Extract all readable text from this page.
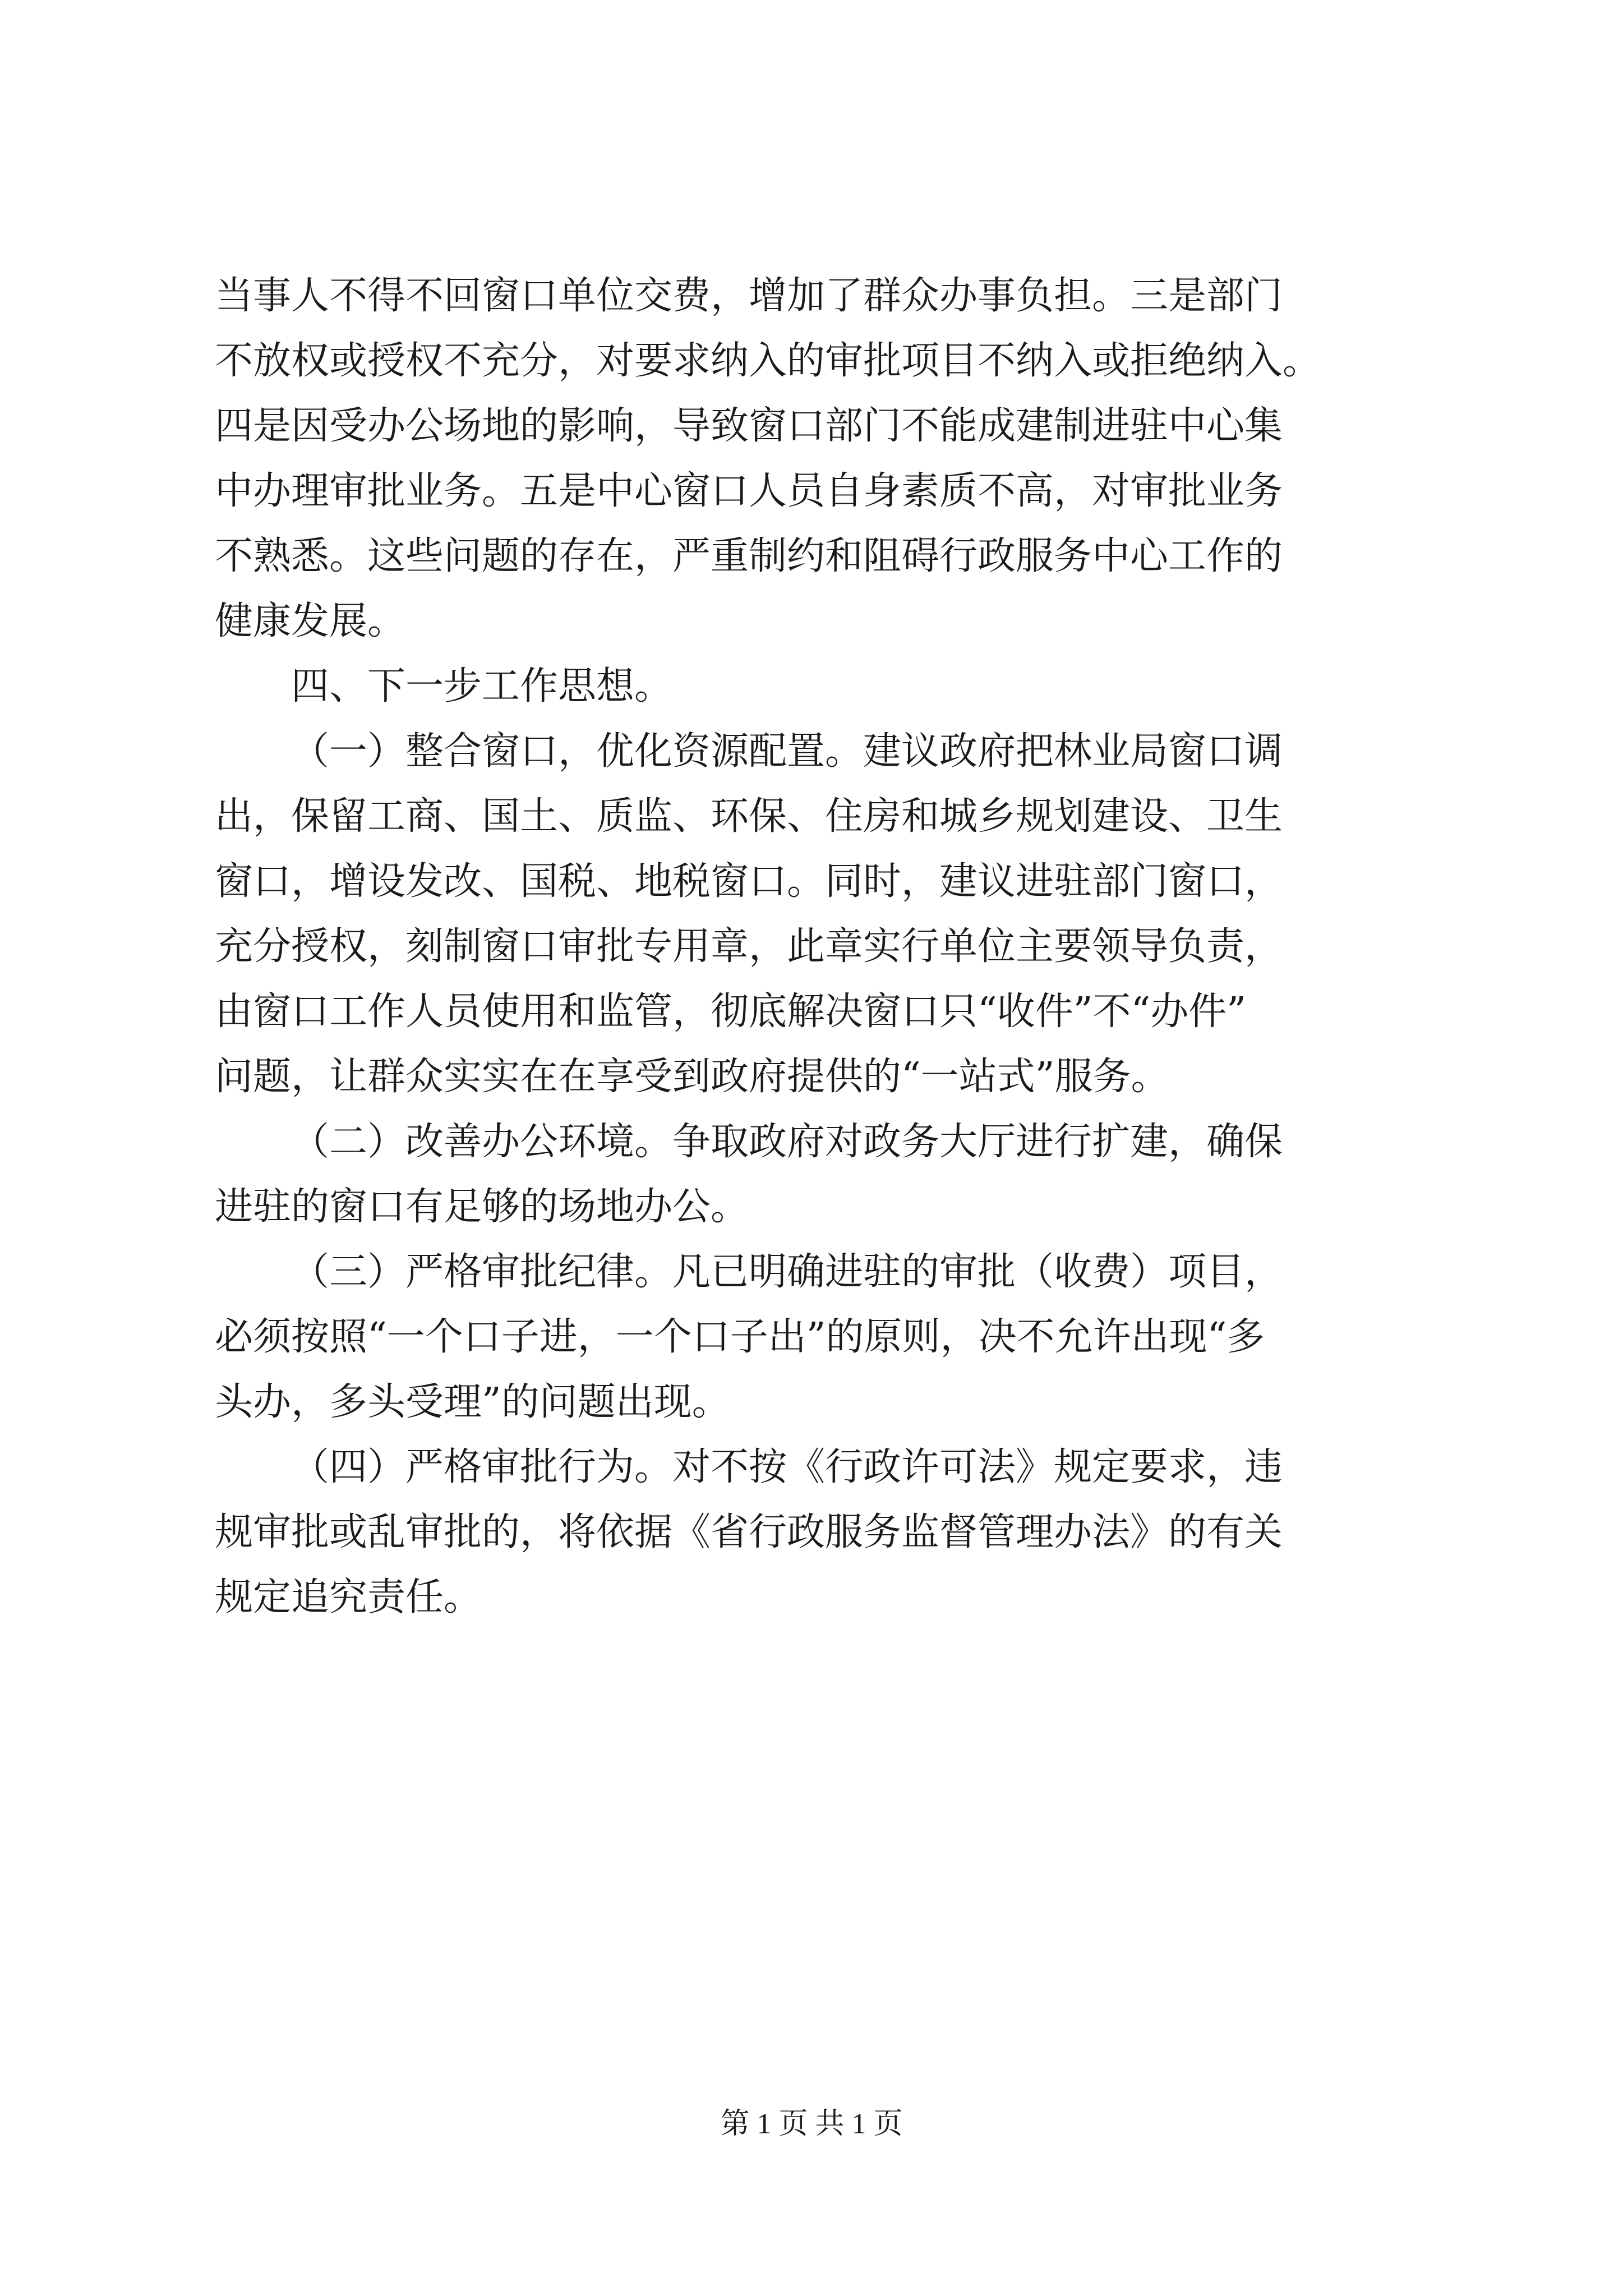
当事人不得不回窗口单位交费，增加了群众办事负担。三是部门
不放权或授权不充分，对要求纳入的审批项目不纳入或拒绝纳入。
四是因受办公场地的影响，导致窗口部门不能成建制进驻中心集
中办理审批业务。五是中心窗口人员自身素质不高，对审批业务
不熟悉。这些问题的存在，严重制约和阻碍行政服务中心工作的
健康发展。

四、下一步工作思想。

（一）整合窗口，优化资源配置。建议政府把林业局窗口调
出，保留工商、国土、质监、环保、住房和城乡规划建设、卫生
窗口，增设发改、国税、地税窗口。同时，建议进驻部门窗口，
充分授权，刻制窗口审批专用章，此章实行单位主要领导负责，
由窗口工作人员使用和监管，彻底解决窗口只“收件”不“办件”
问题，让群众实实在在享受到政府提供的“一站式”服务。

（二）改善办公环境。争取政府对政务大厅进行扩建，确保
进驻的窗口有足够的场地办公。

（三）严格审批纪律。凡已明确进驻的审批（收费）项目，
必须按照“一个口子进，一个口子出”的原则，决不允许出现“多
头办，多头受理”的问题出现。

（四）严格审批行为。对不按《行政许可法》规定要求，违
规审批或乱审批的，将依据《省行政服务监督管理办法》的有关
规定追究责任。

第 1 页 共 1 页
